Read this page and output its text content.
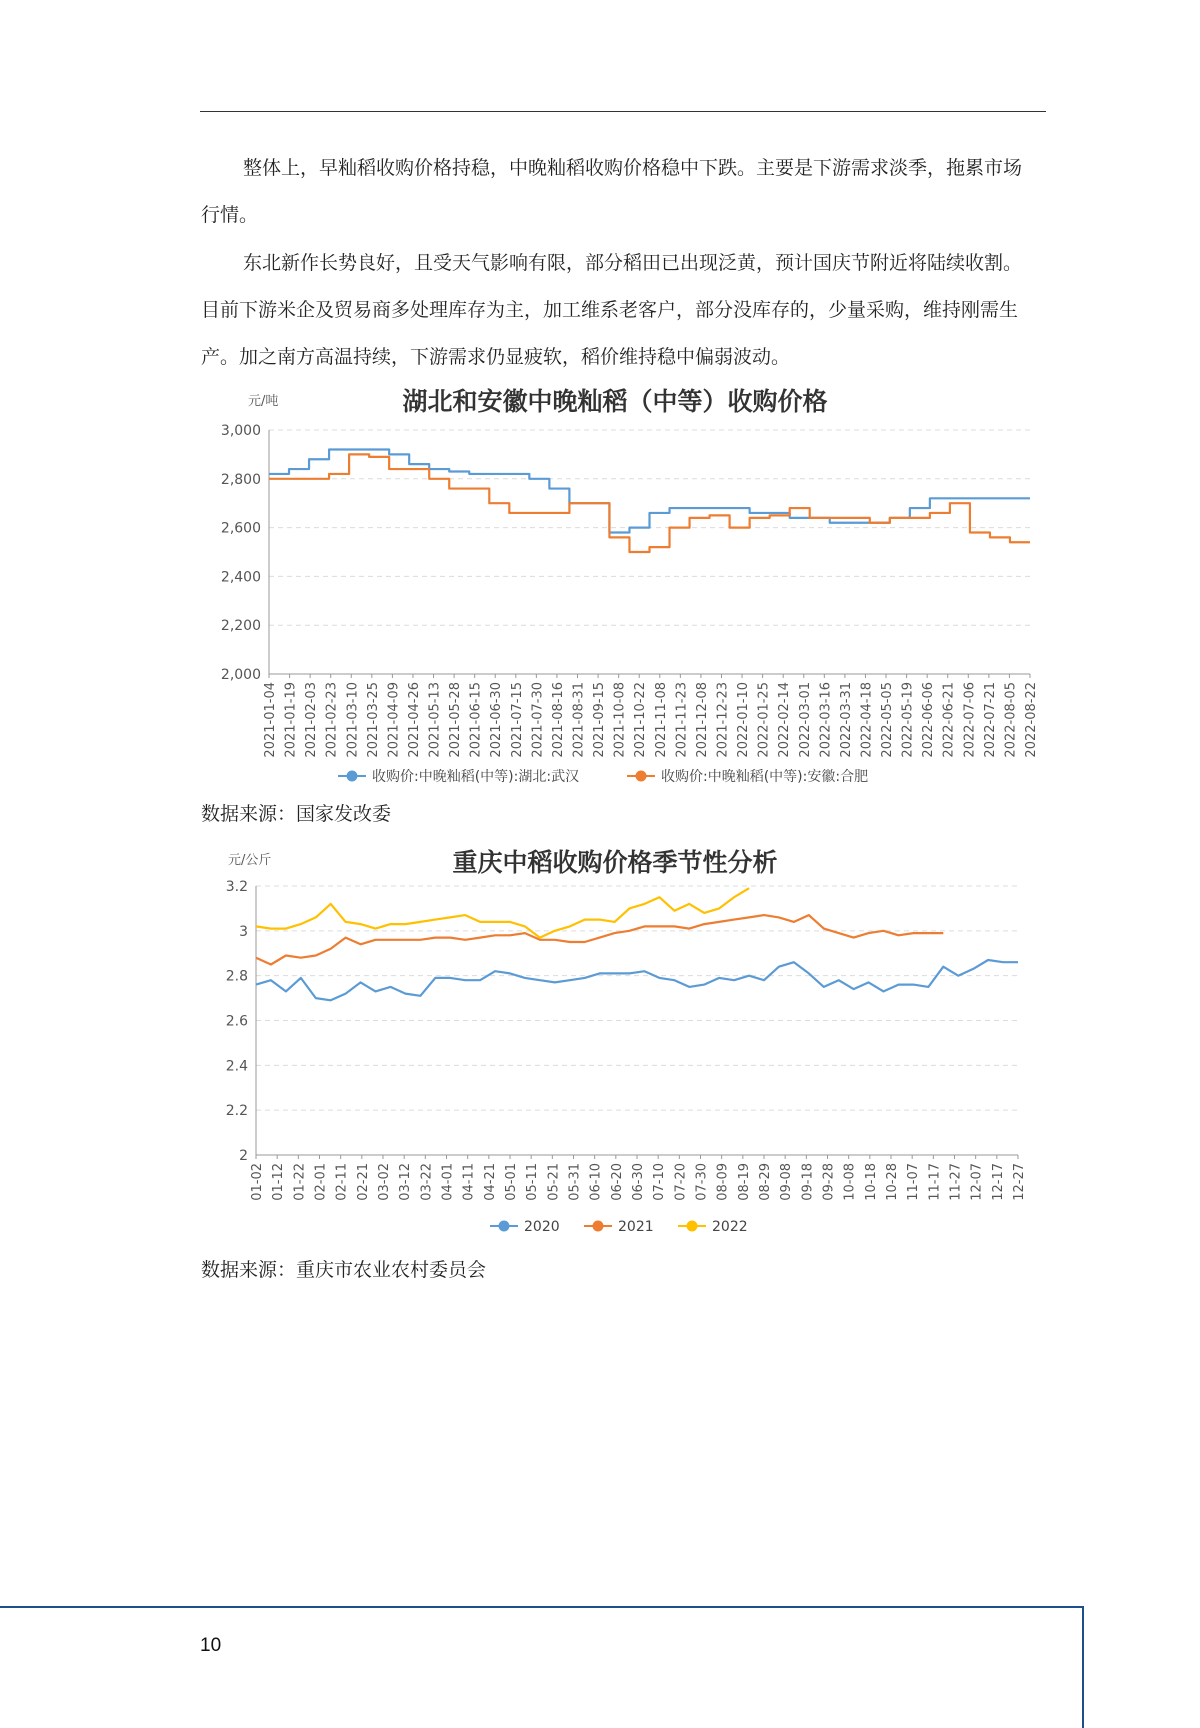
整体上，早籼稻收购价格持稳，中晚籼稻收购价格稳中下跌。主要是下游需求淡季，拖累市场行情。

东北新作长势良好，且受天气影响有限，部分稻田已出现泛黄，预计国庆节附近将陆续收割。目前下游米企及贸易商多处理库存为主，加工维系老客户，部分没库存的，少量采购，维持刚需生产。加之南方高温持续，下游需求仍显疲软，稻价维持稳中偏弱波动。

湖北和安徽中晚籼稻（中等）收购价格
元/吨
2,000
2,200
2,400
2,600
2,800
3,000
2021-01-04 2021-01-19 2021-02-03 2021-02-23 2021-03-10 2021-03-25 2021-04-09 2021-04-26 2021-05-13 2021-05-28 2021-06-15 2021-06-30 2021-07-15 2021-07-30 2021-08-16 2021-08-31 2021-09-15 2021-10-08 2021-10-22 2021-11-08 2021-11-23 2021-12-08 2021-12-23 2022-01-10 2022-01-25 2022-02-14 2022-03-01 2022-03-16 2022-03-31 2022-04-18 2022-05-05 2022-05-19 2022-06-06 2022-06-21 2022-07-06 2022-07-21 2022-08-05 2022-08-22
收购价:中晚籼稻(中等):湖北:武汉	收购价:中晚籼稻(中等):安徽:合肥
数据来源：国家发改委
重庆中稻收购价格季节性分析
元/公斤
2
2.2
2.4
2.6
2.8
3
3.2
01-02 01-12 01-22 02-01 02-11 02-21 03-02 03-12 03-22 04-01 04-11 04-21 05-01 05-11 05-21 05-31 06-10 06-20 06-30 07-10 07-20 07-30 08-09 08-19 08-29 09-08 09-18 09-28 10-08 10-18 10-28 11-07 11-17 11-27 12-07 12-17 12-27
2020	2021	2022
数据来源：重庆市农业农村委员会
10
